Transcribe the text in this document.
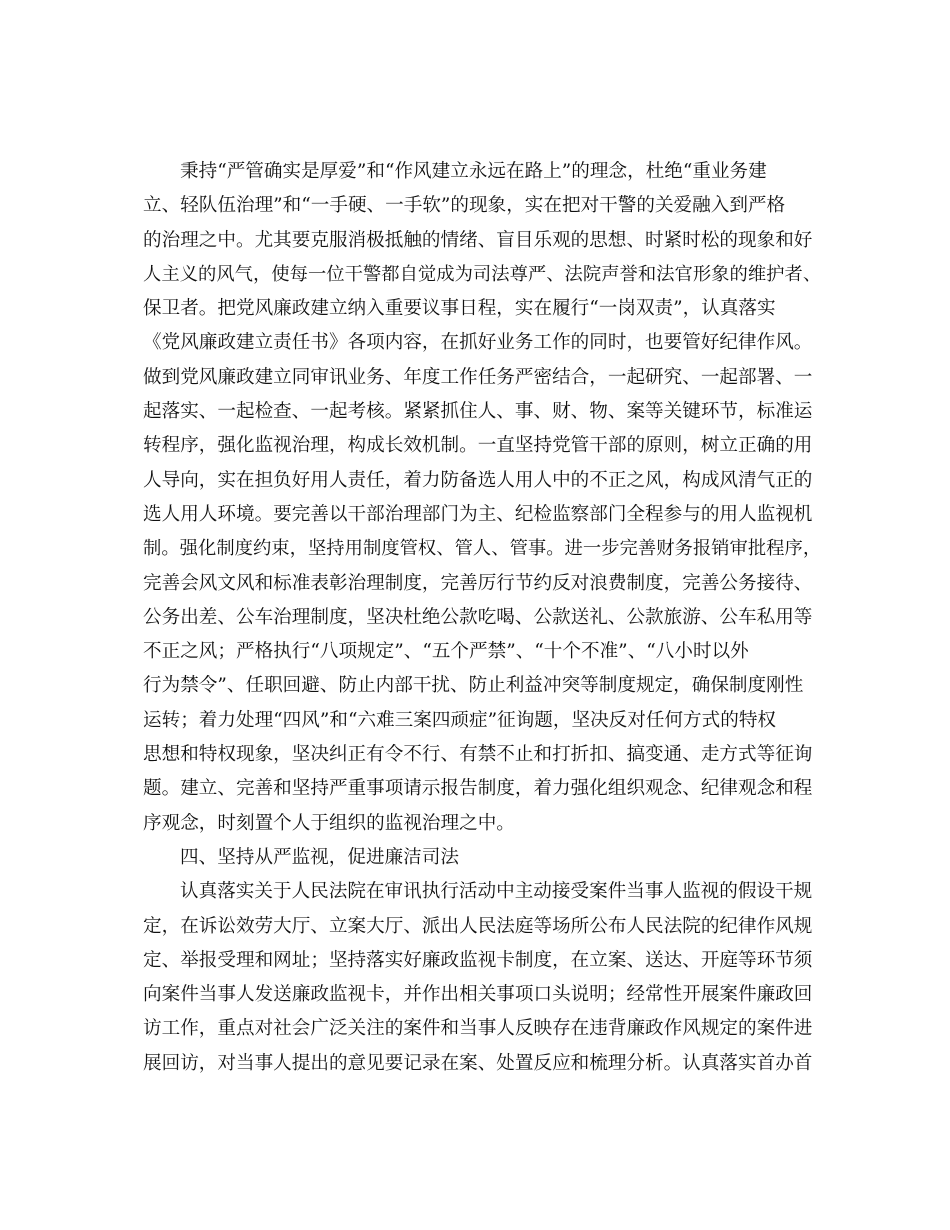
秉持“严管确实是厚爱”和“作风建立永远在路上”的理念，杜绝“重业务建
立、轻队伍治理”和“一手硬、一手软”的现象，实在把对干警的关爱融入到严格
的治理之中。尤其要克服消极抵触的情绪、盲目乐观的思想、时紧时松的现象和好
人主义的风气，使每一位干警都自觉成为司法尊严、法院声誉和法官形象的维护者、
保卫者。把党风廉政建立纳入重要议事日程，实在履行“一岗双责”，认真落实
《党风廉政建立责任书》各项内容，在抓好业务工作的同时，也要管好纪律作风。
做到党风廉政建立同审讯业务、年度工作任务严密结合，一起研究、一起部署、一
起落实、一起检查、一起考核。紧紧抓住人、事、财、物、案等关键环节，标准运
转程序，强化监视治理，构成长效机制。一直坚持党管干部的原则，树立正确的用
人导向，实在担负好用人责任，着力防备选人用人中的不正之风，构成风清气正的
选人用人环境。要完善以干部治理部门为主、纪检监察部门全程参与的用人监视机
制。强化制度约束，坚持用制度管权、管人、管事。进一步完善财务报销审批程序，
完善会风文风和标准表彰治理制度，完善厉行节约反对浪费制度，完善公务接待、
公务出差、公车治理制度，坚决杜绝公款吃喝、公款送礼、公款旅游、公车私用等
不正之风；严格执行“八项规定”、“五个严禁”、“十个不准”、“八小时以外
行为禁令”、任职回避、防止内部干扰、防止利益冲突等制度规定，确保制度刚性
运转；着力处理“四风”和“六难三案四顽症”征询题，坚决反对任何方式的特权
思想和特权现象，坚决纠正有令不行、有禁不止和打折扣、搞变通、走方式等征询
题。建立、完善和坚持严重事项请示报告制度，着力强化组织观念、纪律观念和程
序观念，时刻置个人于组织的监视治理之中。
四、坚持从严监视，促进廉洁司法
认真落实关于人民法院在审讯执行活动中主动接受案件当事人监视的假设干规
定，在诉讼效劳大厅、立案大厅、派出人民法庭等场所公布人民法院的纪律作风规
定、举报受理和网址；坚持落实好廉政监视卡制度，在立案、送达、开庭等环节须
向案件当事人发送廉政监视卡，并作出相关事项口头说明；经常性开展案件廉政回
访工作，重点对社会广泛关注的案件和当事人反映存在违背廉政作风规定的案件进
展回访，对当事人提出的意见要记录在案、处置反应和梳理分析。认真落实首办首
